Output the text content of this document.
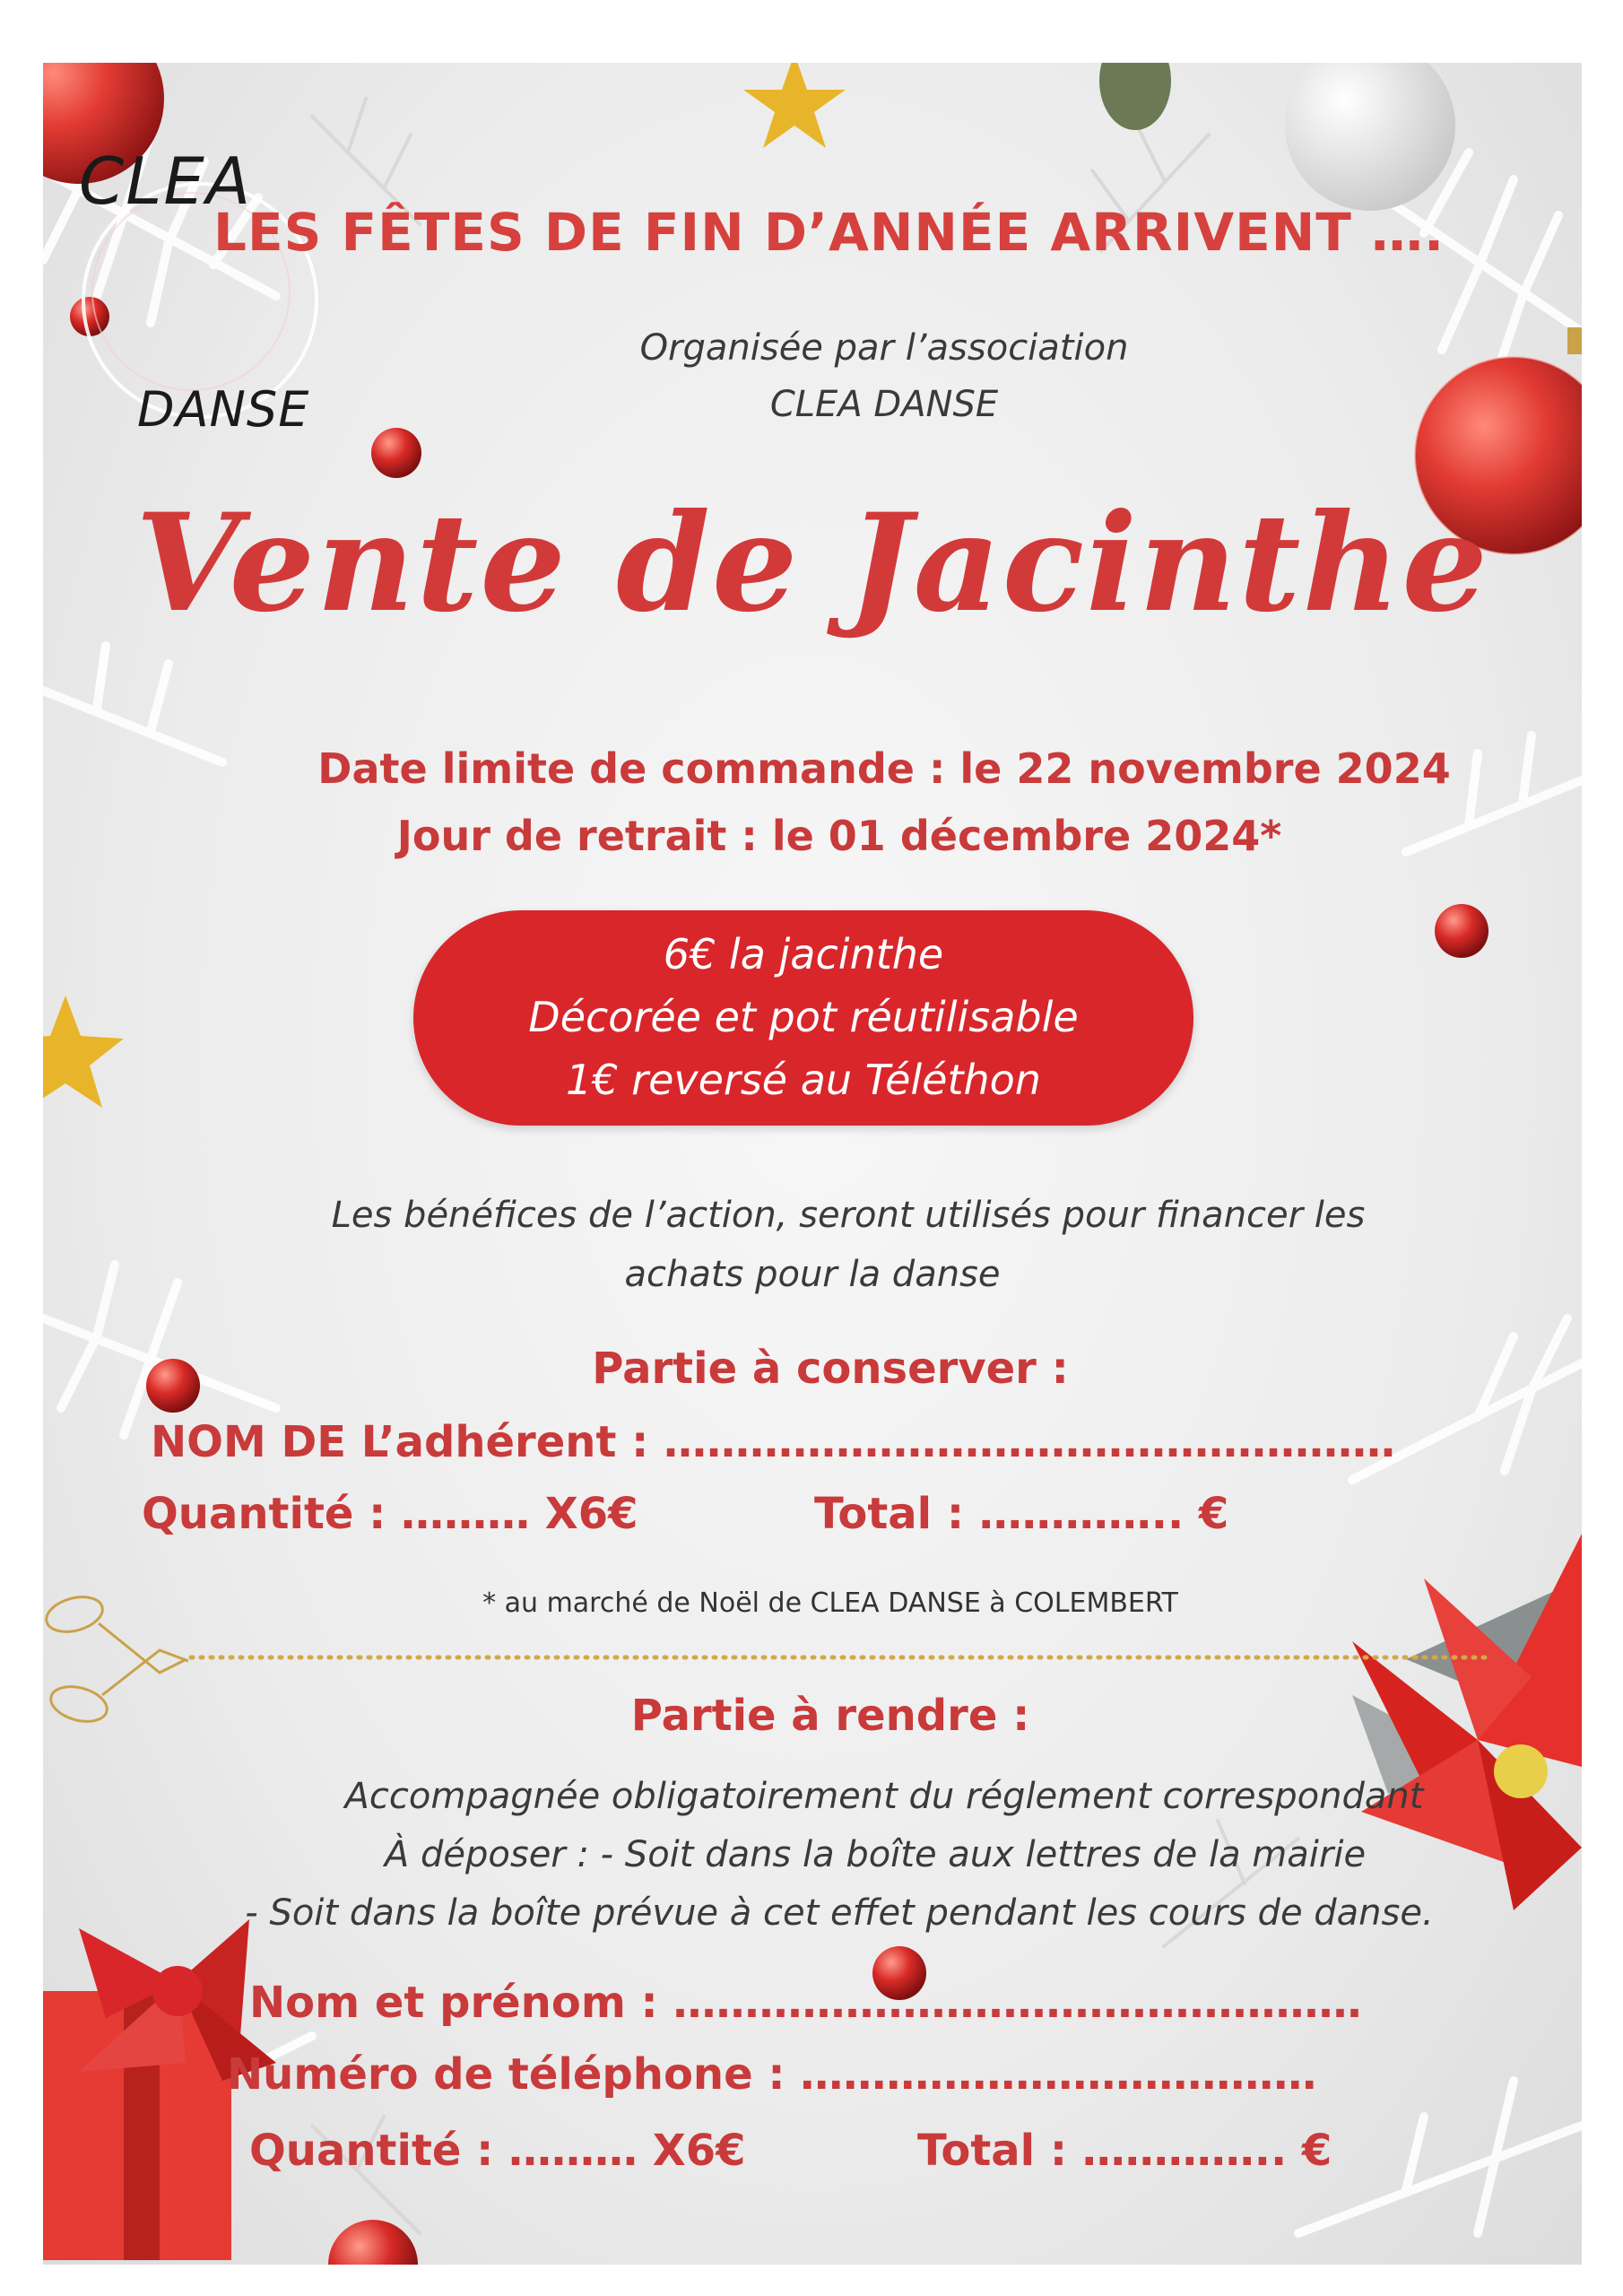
CLEA
DANSE
LES FÊTES DE FIN D’ANNÉE ARRIVENT ….
Organisée par l’association
CLEA DANSE
Vente de Jacinthe
Date limite de commande : le 22 novembre 2024
Jour de retrait : le 01 décembre 2024*
6€ la jacinthe
Décorée et pot réutilisable
1€ reversé au Téléthon
Les bénéfices de l’action, seront utilisés pour financer les
achats pour la danse
Partie à conserver :
NOM DE L’adhérent : ……………………………………………
Quantité : ……… X6€	Total : ………….. €
* au marché de Noël de CLEA DANSE à COLEMBERT
Partie à rendre :
Accompagnée obligatoirement du réglement correspondant
À déposer : - Soit dans la boîte aux lettres de la mairie
- Soit dans la boîte prévue à cet effet pendant les cours de danse.
Nom et prénom : …………………………………………
Numéro de téléphone : ………………………………
Quantité : ……… X6€	Total : ………….. €
